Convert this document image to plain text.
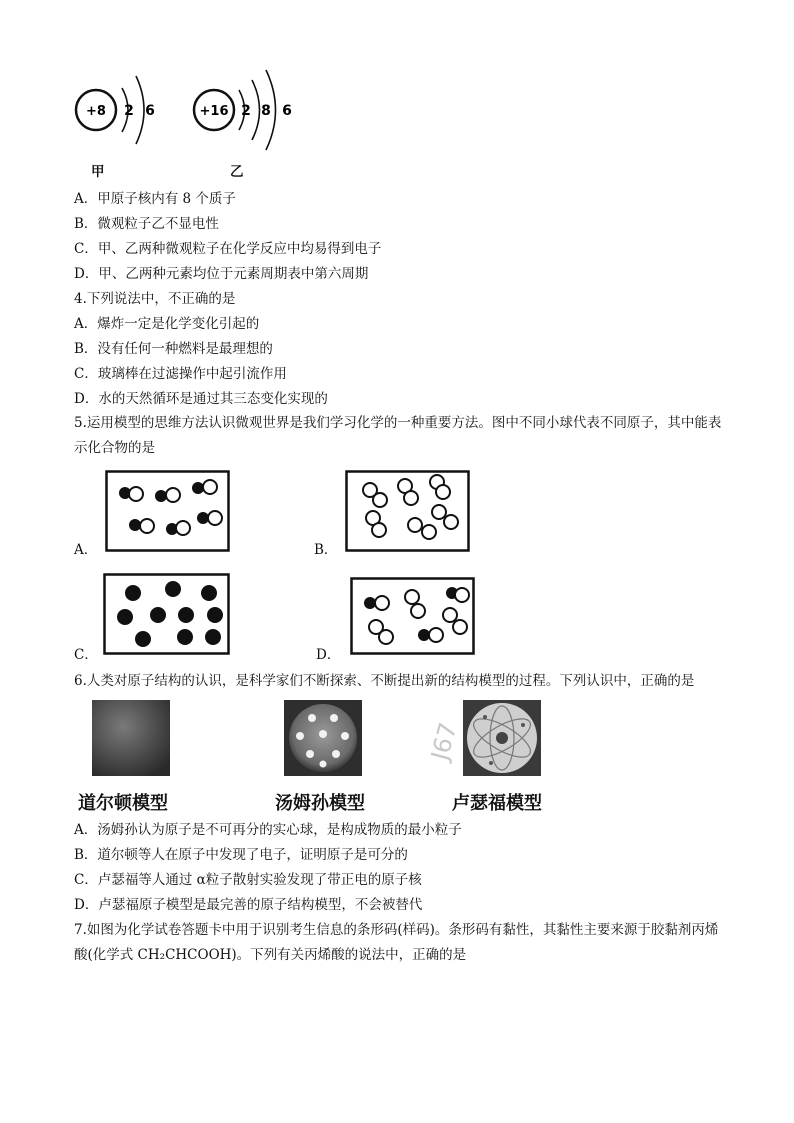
+8 2 6	+16 2 8 6
甲	乙
A．甲原子核内有 8 个质子
B．微观粒子乙不显电性
C．甲、乙两种微观粒子在化学反应中均易得到电子
D．甲、乙两种元素均位于元素周期表中第六周期
4.下列说法中，不正确的是
A．爆炸一定是化学变化引起的
B．没有任何一种燃料是最理想的
C．玻璃棒在过滤操作中起引流作用
D．水的天然循环是通过其三态变化实现的
5.运用模型的思维方法认识微观世界是我们学习化学的一种重要方法。图中不同小球代表不同原子，其中能表示化合物的是
A．	B．
C．	D．
6.人类对原子结构的认识，是科学家们不断探索、不断提出新的结构模型的过程。下列认识中，正确的是
J67
道尔顿模型	汤姆孙模型	卢瑟福模型
A．汤姆孙认为原子是不可再分的实心球，是构成物质的最小粒子
B．道尔顿等人在原子中发现了电子，证明原子是可分的
C．卢瑟福等人通过 α粒子散射实验发现了带正电的原子核
D．卢瑟福原子模型是最完善的原子结构模型，不会被替代
7.如图为化学试卷答题卡中用于识别考生信息的条形码(样码)。条形码有黏性，其黏性主要来源于胶黏剂丙烯酸(化学式 CH₂CHCOOH)。下列有关丙烯酸的说法中，正确的是
